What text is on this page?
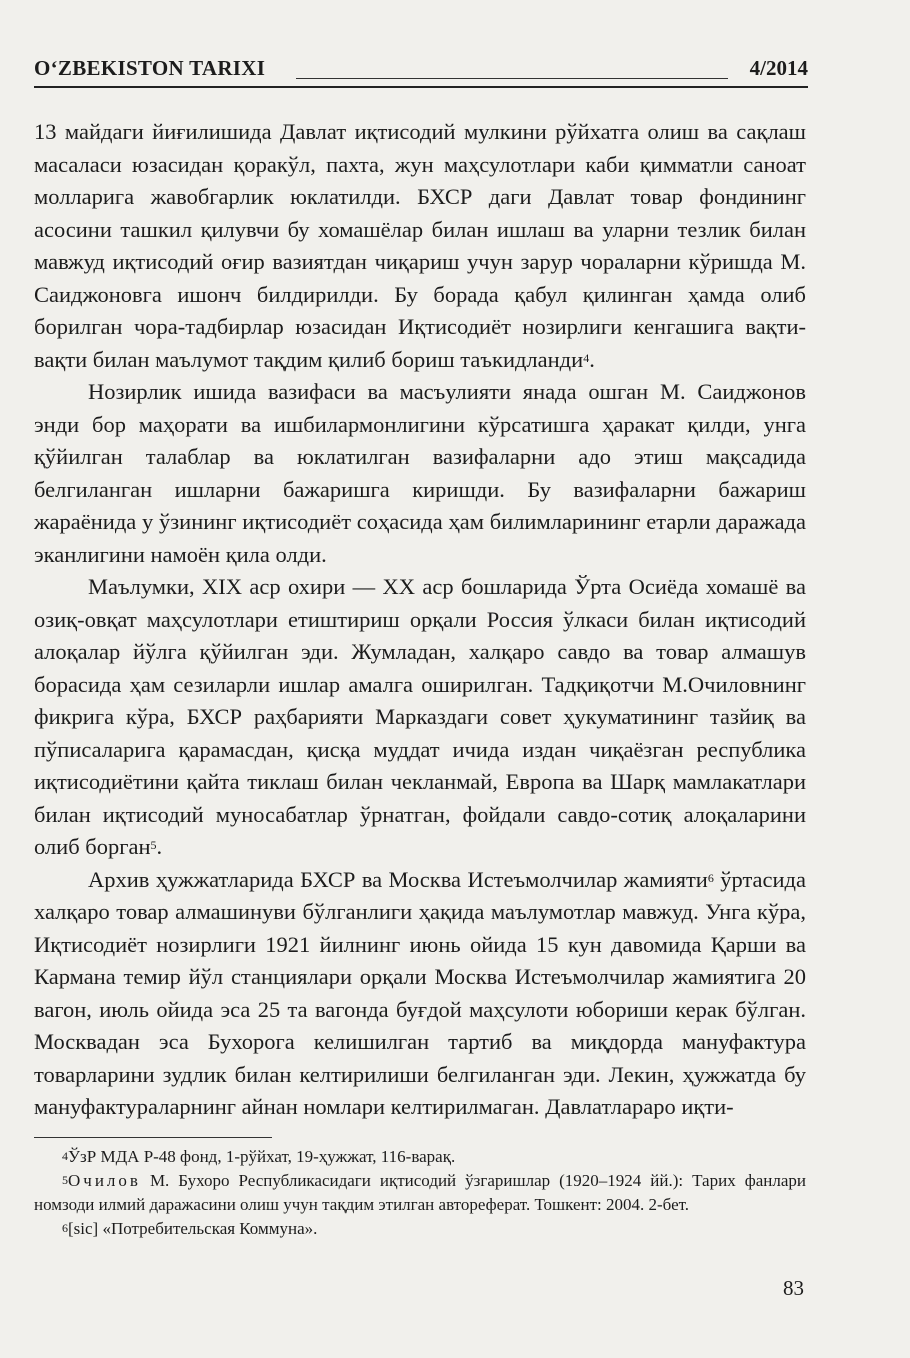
O‘ZBEKISTON TARIXI	4/2014

13 майдаги йиғилишида Давлат иқтисодий мулкини рўйхатга олиш ва сақлаш масаласи юзасидан қоракўл, пахта, жун маҳсулотлари каби қимматли саноат молларига жавобгарлик юклатилди. БХСР даги Давлат товар фондининг асосини ташкил қилувчи бу хомашёлар билан ишлаш ва уларни тезлик билан мавжуд иқтисодий оғир вазиятдан чиқариш учун зарур чораларни кўришда М. Саиджоновга ишонч билдирилди. Бу борада қабул қилинган ҳамда олиб борилган чора-тадбирлар юзасидан Иқтисодиёт нозирлиги кенгашига вақти-вақти билан маълумот тақдим қилиб бориш таъкидланди$^4$.

Нозирлик ишида вазифаси ва масъулияти янада ошган М. Саиджонов энди бор маҳорати ва ишбилармонлигини кўрсатишга ҳаракат қилди, унга қўйилган талаблар ва юклатилган вазифаларни адо этиш мақсадида белгиланган ишларни бажаришга киришди. Бу вазифаларни бажариш жараёнида у ўзининг иқтисодиёт соҳасида ҳам билимларининг етарли даражада эканлигини намоён қила олди.

Маълумки, XIX аср охири — XX аср бошларида Ўрта Осиёда хомашё ва озиқ-овқат маҳсулотлари етиштириш орқали Россия ўлкаси билан иқтисодий алоқалар йўлга қўйилган эди. Жумладан, халқаро савдо ва товар алмашув борасида ҳам сезиларли ишлар амалга оширилган. Тадқиқотчи М.Очиловнинг фикрига кўра, БХСР раҳбарияти Марказдаги совет ҳукуматининг тазйиқ ва пўписаларига қарамасдан, қисқа муддат ичида издан чиқаёзган республика иқтисодиётини қайта тиклаш билан чекланмай, Европа ва Шарқ мамлакатлари билан иқтисодий муносабатлар ўрнатган, фойдали савдо-сотиқ алоқаларини олиб борган$^5$.

Архив ҳужжатларида БХСР ва Москва Истеъмолчилар жамияти$^6$ ўртасида халқаро товар алмашинуви бўлганлиги ҳақида маълумотлар мавжуд. Унга кўра, Иқтисодиёт нозирлиги 1921 йилнинг июнь ойида 15 кун давомида Қарши ва Кармана темир йўл станциялари орқали Москва Истеъмолчилар жамиятига 20 вагон, июль ойида эса 25 та вагонда буғдой маҳсулоти юбориши керак бўлган. Москвадан эса Бухорога келишилган тартиб ва миқдорда мануфактура товарларини зудлик билан келтирилиши белгиланган эди. Лекин, ҳужжатда бу мануфактураларнинг айнан номлари келтирилмаган. Давлатлараро иқти-

$^4$ЎзР МДА Р-48 фонд, 1-рўйхат, 19-ҳужжат, 116-варақ.

$^5$Очилов М. Бухоро Республикасидаги иқтисодий ўзгаришлар (1920–1924 йй.): Тарих фанлари номзоди илмий даражасини олиш учун тақдим этилган автореферат. Тошкент: 2004. 2-бет.

$^6$[sic] «Потребительская Коммуна».

83
